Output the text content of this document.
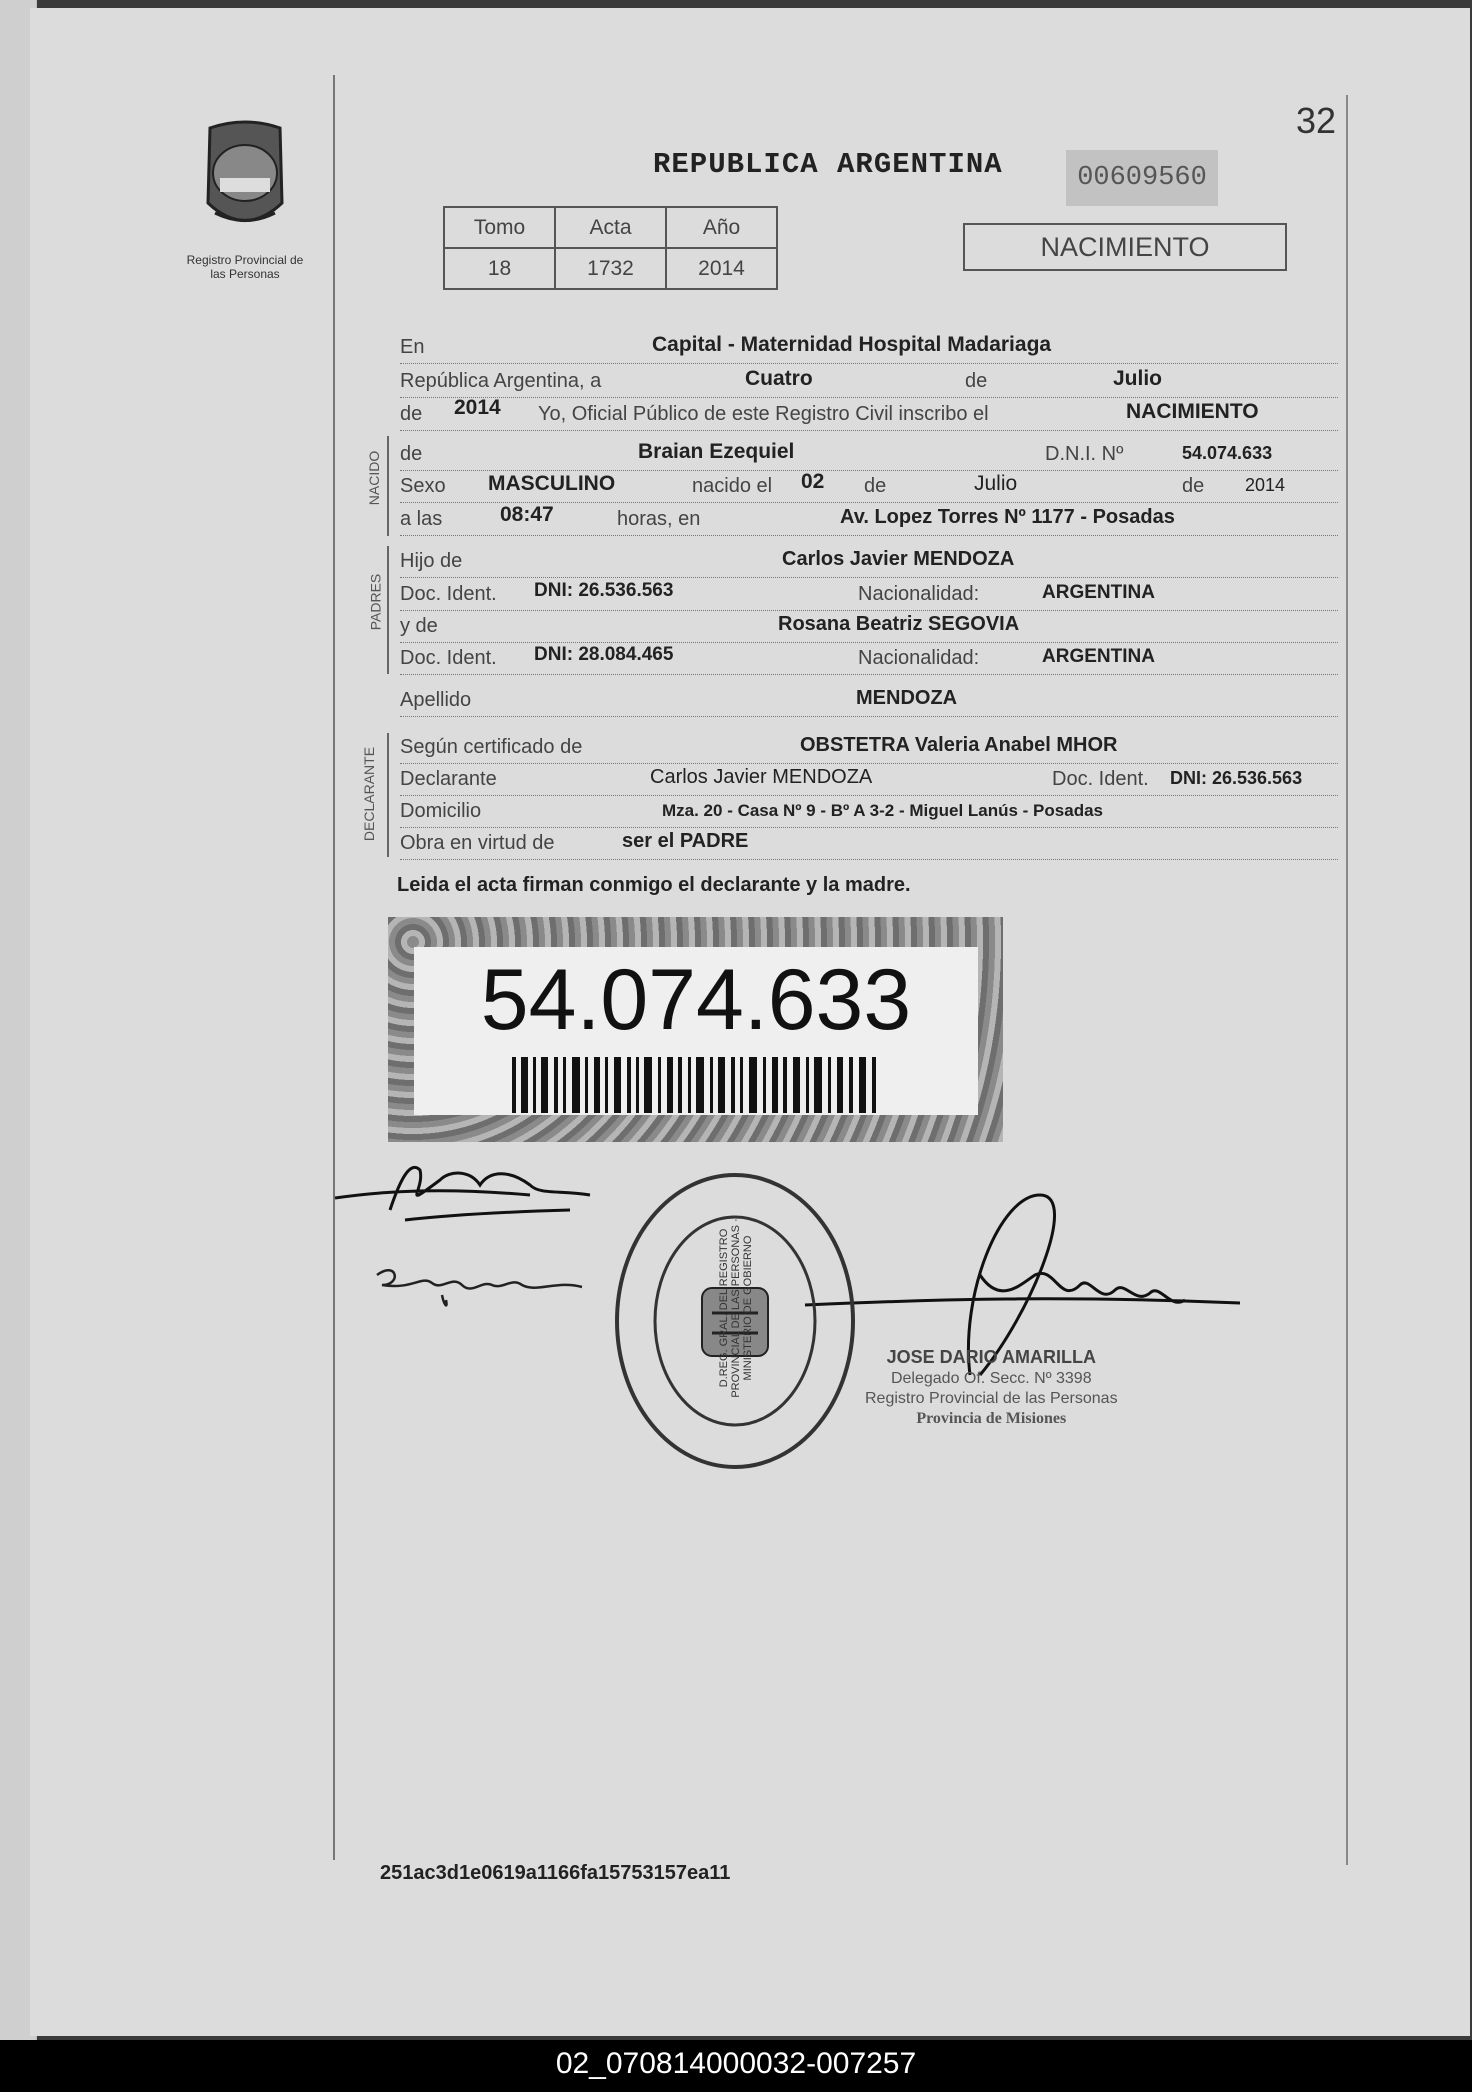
Registro Provincial de las Personas
32
REPUBLICA ARGENTINA	00609560
Tomo	Acta	Año
18	1732	2014
NACIMIENTO
En	Capital - Maternidad Hospital Madariaga
República Argentina, a	Cuatro	de	Julio
de 2014 Yo, Oficial Público de este Registro Civil inscribo el	NACIMIENTO
NACIDO de	Braian Ezequiel	D.N.I. Nº	54.074.633
Sexo MASCULINO	nacido el 02 de	Julio	de 2014
a las	08:47	horas, en	Av. Lopez Torres Nº 1177 - Posadas
PADRES
Hijo de	Carlos Javier MENDOZA
Doc. Ident. DNI: 26.536.563	Nacionalidad:	ARGENTINA
y de	Rosana Beatriz SEGOVIA
Doc. Ident. DNI: 28.084.465	Nacionalidad:	ARGENTINA
Apellido	MENDOZA
DECLARANTE Según certificado de	OBSTETRA Valeria Anabel MHOR
Declarante	Carlos Javier MENDOZA	Doc. Ident. DNI: 26.536.563
Domicilio	Mza. 20 - Casa Nº 9 - Bº A 3-2 - Miguel Lanús - Posadas
Obra en virtud de	ser el PADRE
Leida el acta firman conmigo el declarante y la madre.
54.074.633
D.REG. GRAL. DEL REGISTRO PROVINCIAL DE LAS PERSONAS · MINISTERIO DE GOBIERNO	JOSE DARIO AMARILLA
Delegado Of. Secc. Nº 3398
Registro Provincial de las Personas
Provincia de Misiones
251ac3d1e0619a1166fa15753157ea11
02_070814000032-007257
